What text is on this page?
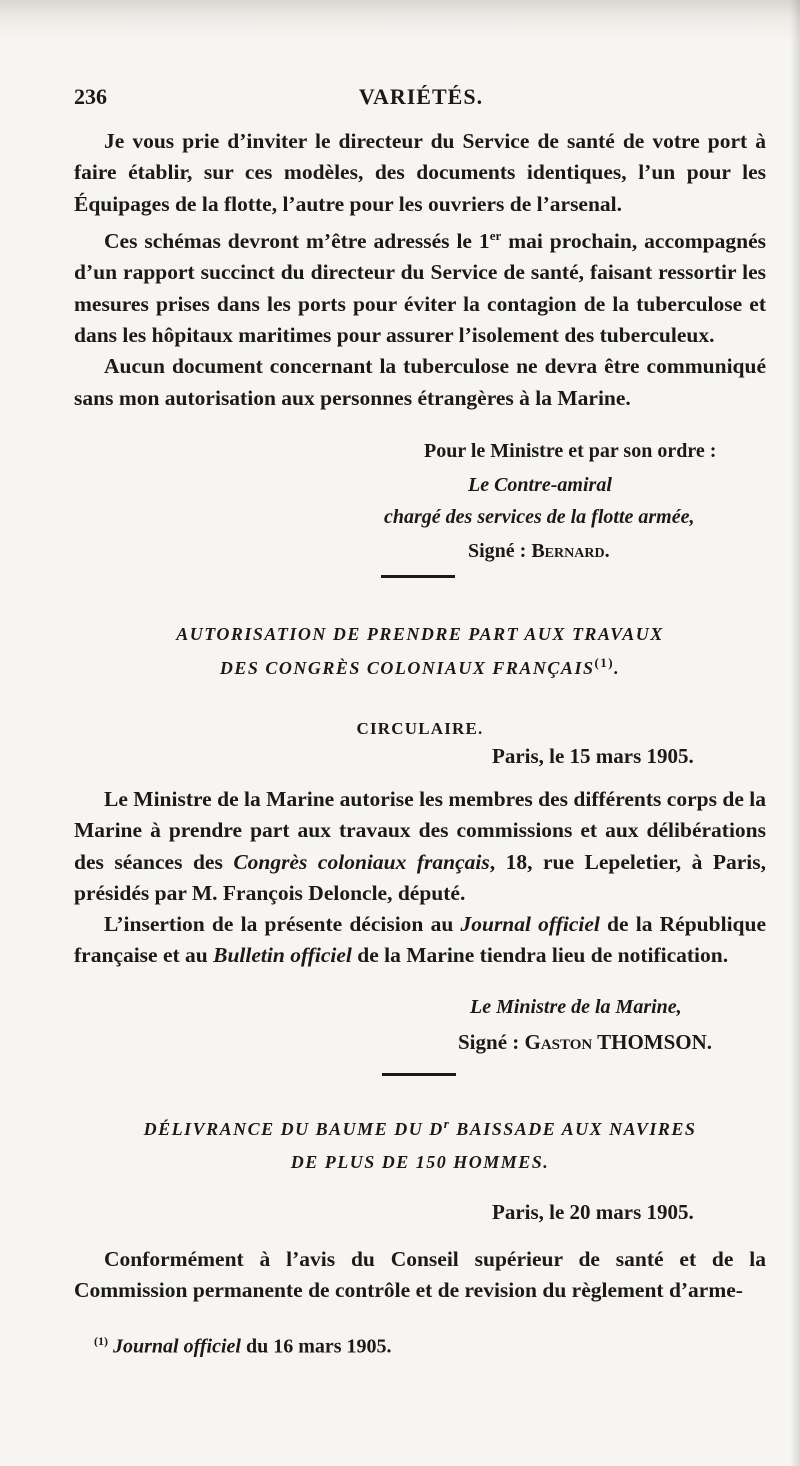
236	VARIÉTÉS.

Je vous prie d’inviter le directeur du Service de santé de votre port à faire établir, sur ces modèles, des documents identiques, l’un pour les Équipages de la flotte, l’autre pour les ouvriers de l’arsenal.

Ces schémas devront m’être adressés le 1er mai prochain, accompagnés d’un rapport succinct du directeur du Service de santé, faisant ressortir les mesures prises dans les ports pour éviter la contagion de la tuberculose et dans les hôpitaux maritimes pour assurer l’isolement des tuberculeux.

Aucun document concernant la tuberculose ne devra être communiqué sans mon autorisation aux personnes étrangères à la Marine.

Pour le Ministre et par son ordre :
Le Contre-amiral
chargé des services de la flotte armée,
Signé : Bernard.
AUTORISATION DE PRENDRE PART AUX TRAVAUX
DES CONGRÈS COLONIAUX FRANÇAIS$^{(1)}$.
CIRCULAIRE.
Paris, le 15 mars 1905.

Le Ministre de la Marine autorise les membres des différents corps de la Marine à prendre part aux travaux des commissions et aux délibérations des séances des Congrès coloniaux français, 18, rue Lepeletier, à Paris, présidés par M. François Deloncle, député.

L’insertion de la présente décision au Journal officiel de la République française et au Bulletin officiel de la Marine tiendra lieu de notification.

Le Ministre de la Marine,
Signé : Gaston THOMSON.
DÉLIVRANCE DU BAUME DU $D^r$ BAISSADE AUX NAVIRES
DE PLUS DE 150 HOMMES.
Paris, le 20 mars 1905.

Conformément à l’avis du Conseil supérieur de santé et de la Commission permanente de contrôle et de revision du règlement d’arme-

$^{(1)}$ Journal officiel du 16 mars 1905.
